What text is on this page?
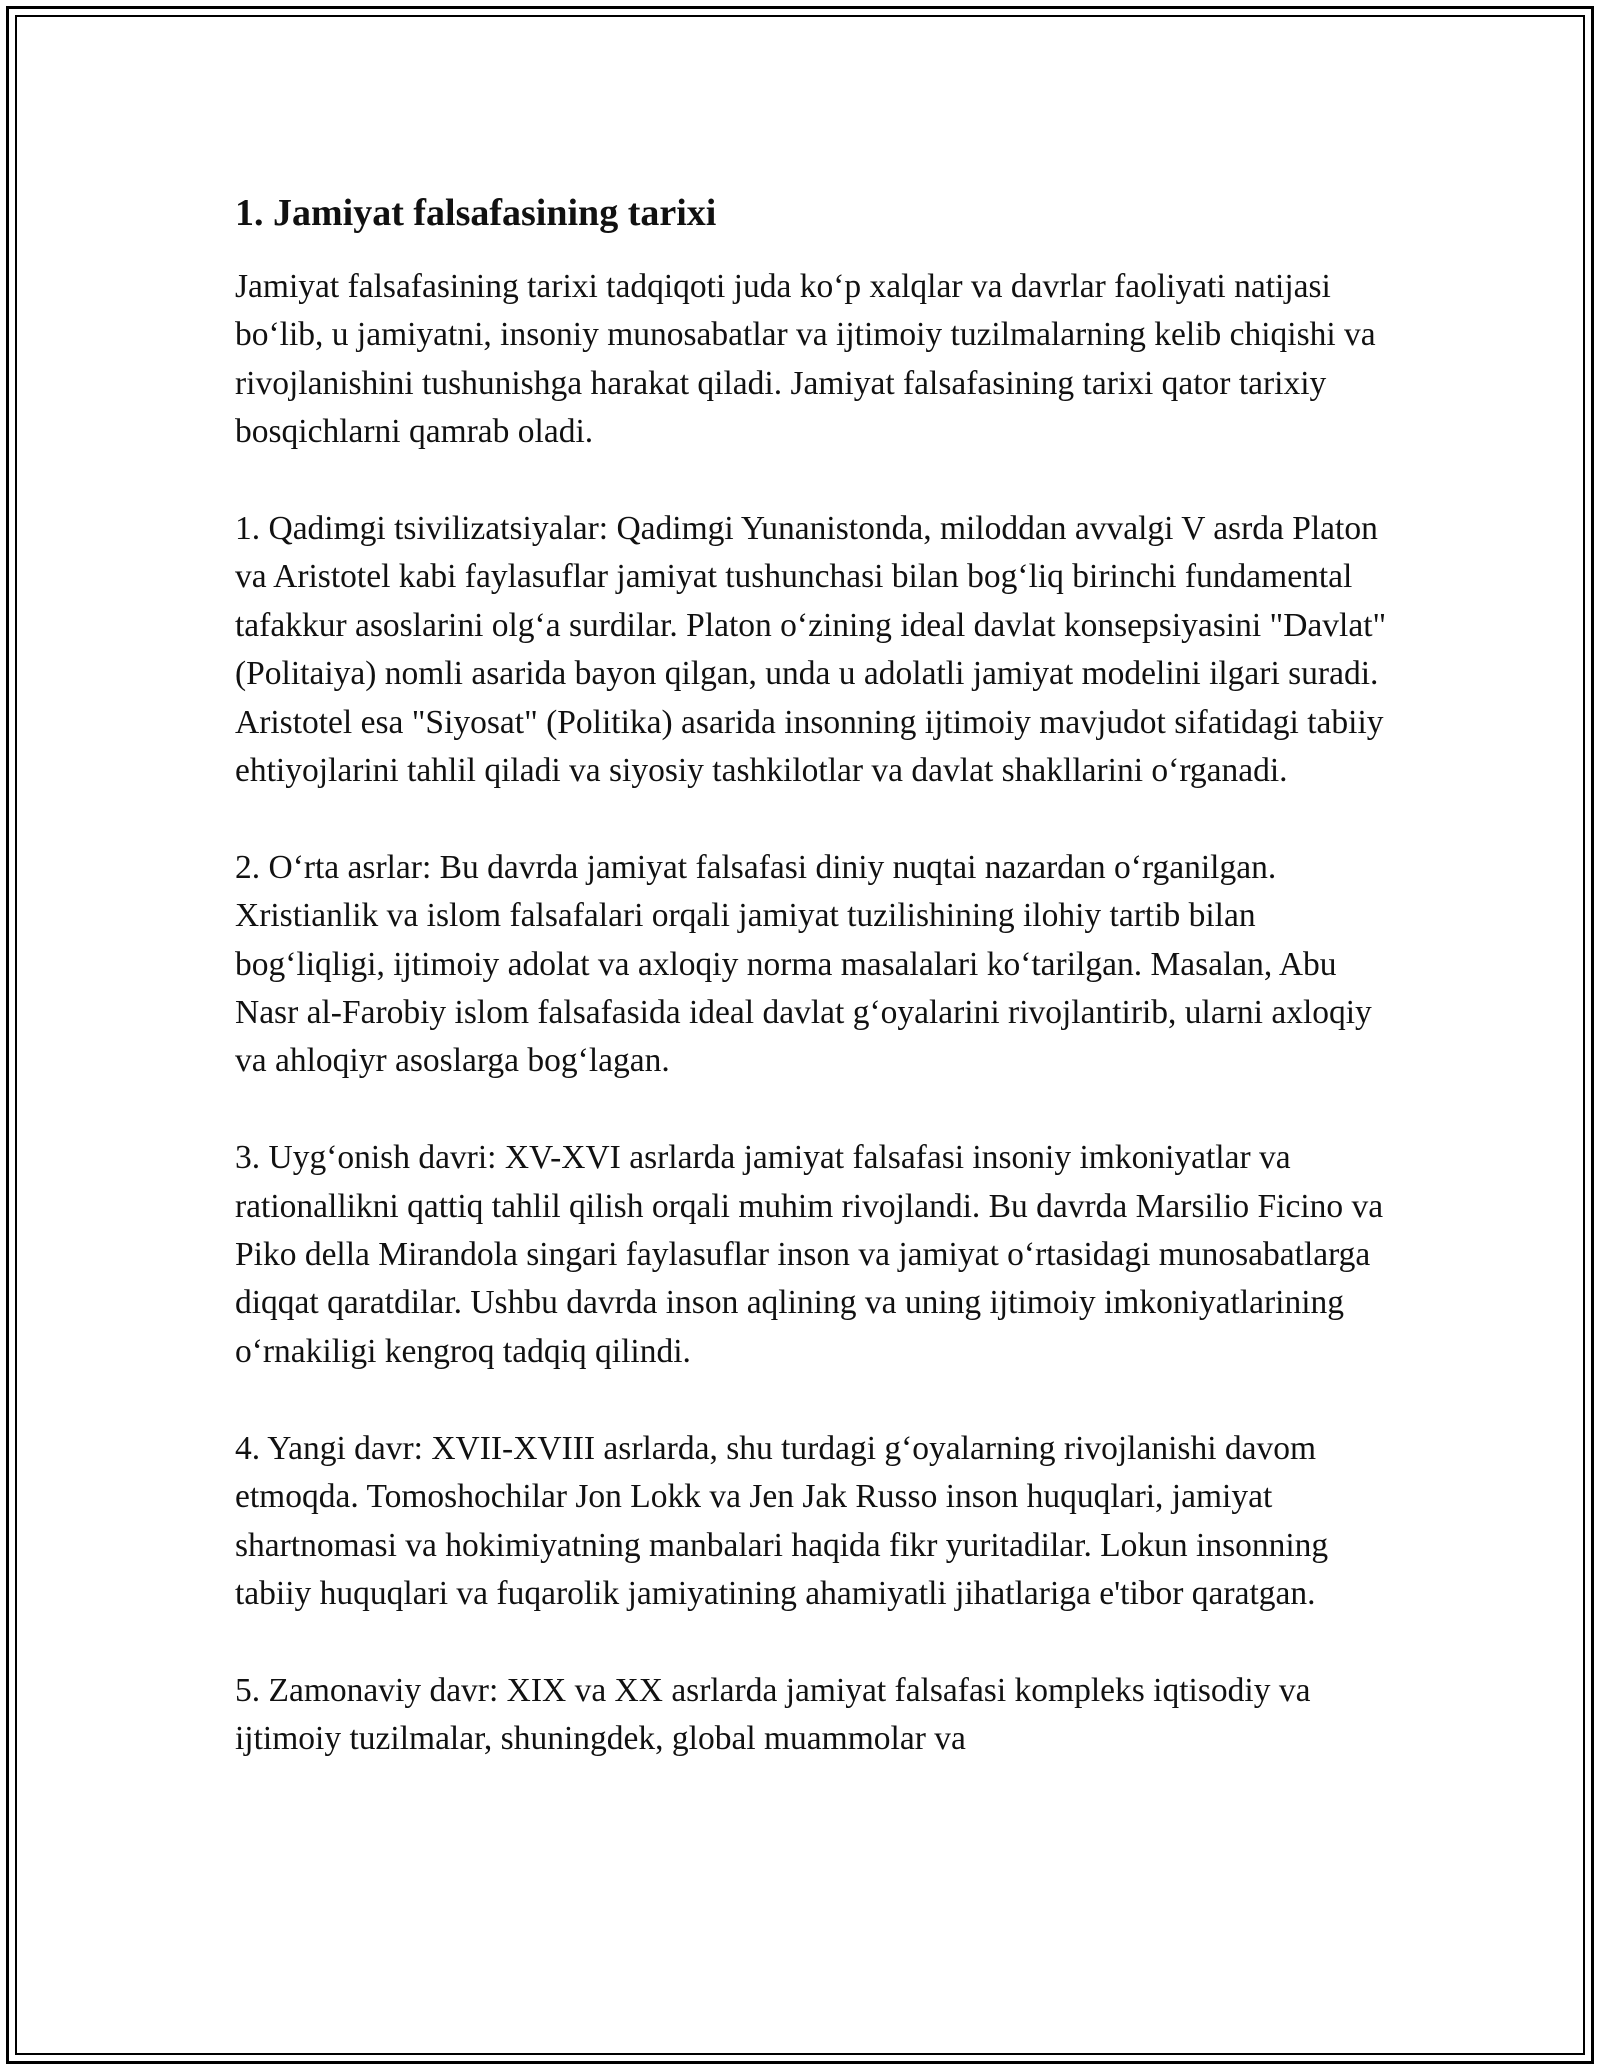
1. Jamiyat falsafasining tarixi

Jamiyat falsafasining tarixi tadqiqoti juda ko‘p xalqlar va davrlar faoliyati natijasi bo‘lib, u jamiyatni, insoniy munosabatlar va ijtimoiy tuzilmalarning kelib chiqishi va rivojlanishini tushunishga harakat qiladi. Jamiyat falsafasining tarixi qator tarixiy bosqichlarni qamrab oladi.

1. Qadimgi tsivilizatsiyalar: Qadimgi Yunanistonda, miloddan avvalgi V asrda Platon va Aristotel kabi faylasuflar jamiyat tushunchasi bilan bog‘liq birinchi fundamental tafakkur asoslarini olg‘a surdilar. Platon o‘zining ideal davlat konsepsiyasini "Davlat" (Politaiya) nomli asarida bayon qilgan, unda u adolatli jamiyat modelini ilgari suradi. Aristotel esa "Siyosat" (Politika) asarida insonning ijtimoiy mavjudot sifatidagi tabiiy ehtiyojlarini tahlil qiladi va siyosiy tashkilotlar va davlat shakllarini o‘rganadi.

2. O‘rta asrlar: Bu davrda jamiyat falsafasi diniy nuqtai nazardan o‘rganilgan. Xristianlik va islom falsafalari orqali jamiyat tuzilishining ilohiy tartib bilan bog‘liqligi, ijtimoiy adolat va axloqiy norma masalalari ko‘tarilgan. Masalan, Abu Nasr al-Farobiy islom falsafasida ideal davlat g‘oyalarini rivojlantirib, ularni axloqiy va ahloqiyr asoslarga bog‘lagan.

3. Uyg‘onish davri: XV-XVI asrlarda jamiyat falsafasi insoniy imkoniyatlar va rationallikni qattiq tahlil qilish orqali muhim rivojlandi. Bu davrda Marsilio Ficino va Piko della Mirandola singari faylasuflar inson va jamiyat o‘rtasidagi munosabatlarga diqqat qaratdilar. Ushbu davrda inson aqlining va uning ijtimoiy imkoniyatlarining o‘rnakiligi kengroq tadqiq qilindi.

4. Yangi davr: XVII-XVIII asrlarda, shu turdagi g‘oyalarning rivojlanishi davom etmoqda. Tomoshochilar Jon Lokk va Jen Jak Russo inson huquqlari, jamiyat shartnomasi va hokimiyatning manbalari haqida fikr yuritadilar. Lokun insonning tabiiy huquqlari va fuqarolik jamiyatining ahamiyatli jihatlariga e'tibor qaratgan.

5. Zamonaviy davr: XIX va XX asrlarda jamiyat falsafasi kompleks iqtisodiy va ijtimoiy tuzilmalar, shuningdek, global muammolar va
